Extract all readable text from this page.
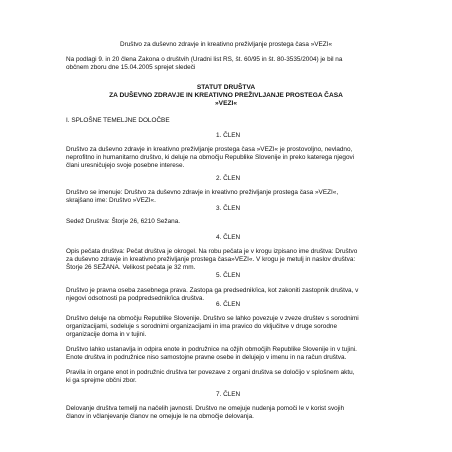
Društvo za duševno zdravje in kreativno preživljanje prostega časa »VEZI«
Na podlagi 9. in 20 člena Zakona o društvih (Uradni list RS, št. 60/95 in št. 80-3535/2004) je bil na
občnem zboru dne 15.04.2005 sprejet sledeči
STATUT DRUŠTVA
ZA DUŠEVNO ZDRAVJE IN KREATIVNO PREŽIVLJANJE PROSTEGA ČASA
»VEZI«
I. SPLOŠNE TEMELJNE DOLOČBE
1. ČLEN
Društvo za duševno zdravje in kreativno preživljanje prostega časa »VEZI« je prostovoljno, nevladno,
neprofitno in humanitarno društvo, ki deluje na območju Republike Slovenije in preko katerega njegovi
člani uresničujejo svoje posebne interese.
2. ČLEN
Društvo se imenuje: Društvo za duševno zdravje in kreativno preživljanje prostega časa »VEZI«,
skrajšano ime: Društvo »VEZI«.
3. ČLEN
Sedež Društva: Štorje 26, 6210 Sežana.
4. ČLEN
Opis pečata društva: Pečat društva je okrogel. Na robu pečata je v krogu izpisano ime društva: Društvo
za duševno zdravje in kreativno preživljanje prostega časa»VEZI«. V krogu je metulj in naslov društva:
Štorje 26 SEŽANA. Velikost pečata je 32 mm.
5. ČLEN
Društvo je pravna oseba zasebnega prava. Zastopa ga predsednik/ica, kot zakoniti zastopnik društva, v
njegovi odsotnosti pa podpredsednik/ica društva.
6. ČLEN
Društvo deluje na območju Republike Slovenije. Društvo se lahko povezuje v zveze društev s sorodnimi
organizacijami, sodeluje s sorodnimi organizacijami in ima pravico do vključitve v druge sorodne
organizacije doma in v tujini.
Društvo lahko ustanavlja in odpira enote in podružnice na ožjih območjih Republike Slovenije in v tujini.
Enote društva in podružnice niso samostojne pravne osebe in delujejo v imenu in na račun društva.
Pravila in organe enot in podružnic društva ter povezave z organi društva se določijo v splošnem aktu,
ki ga sprejme občni zbor.
7. ČLEN
Delovanje društva temelji na načelih javnosti. Društvo ne omejuje nudenja pomoči le v korist svojih
članov in včlanjevanje članov ne omejuje le na območje delovanja.
